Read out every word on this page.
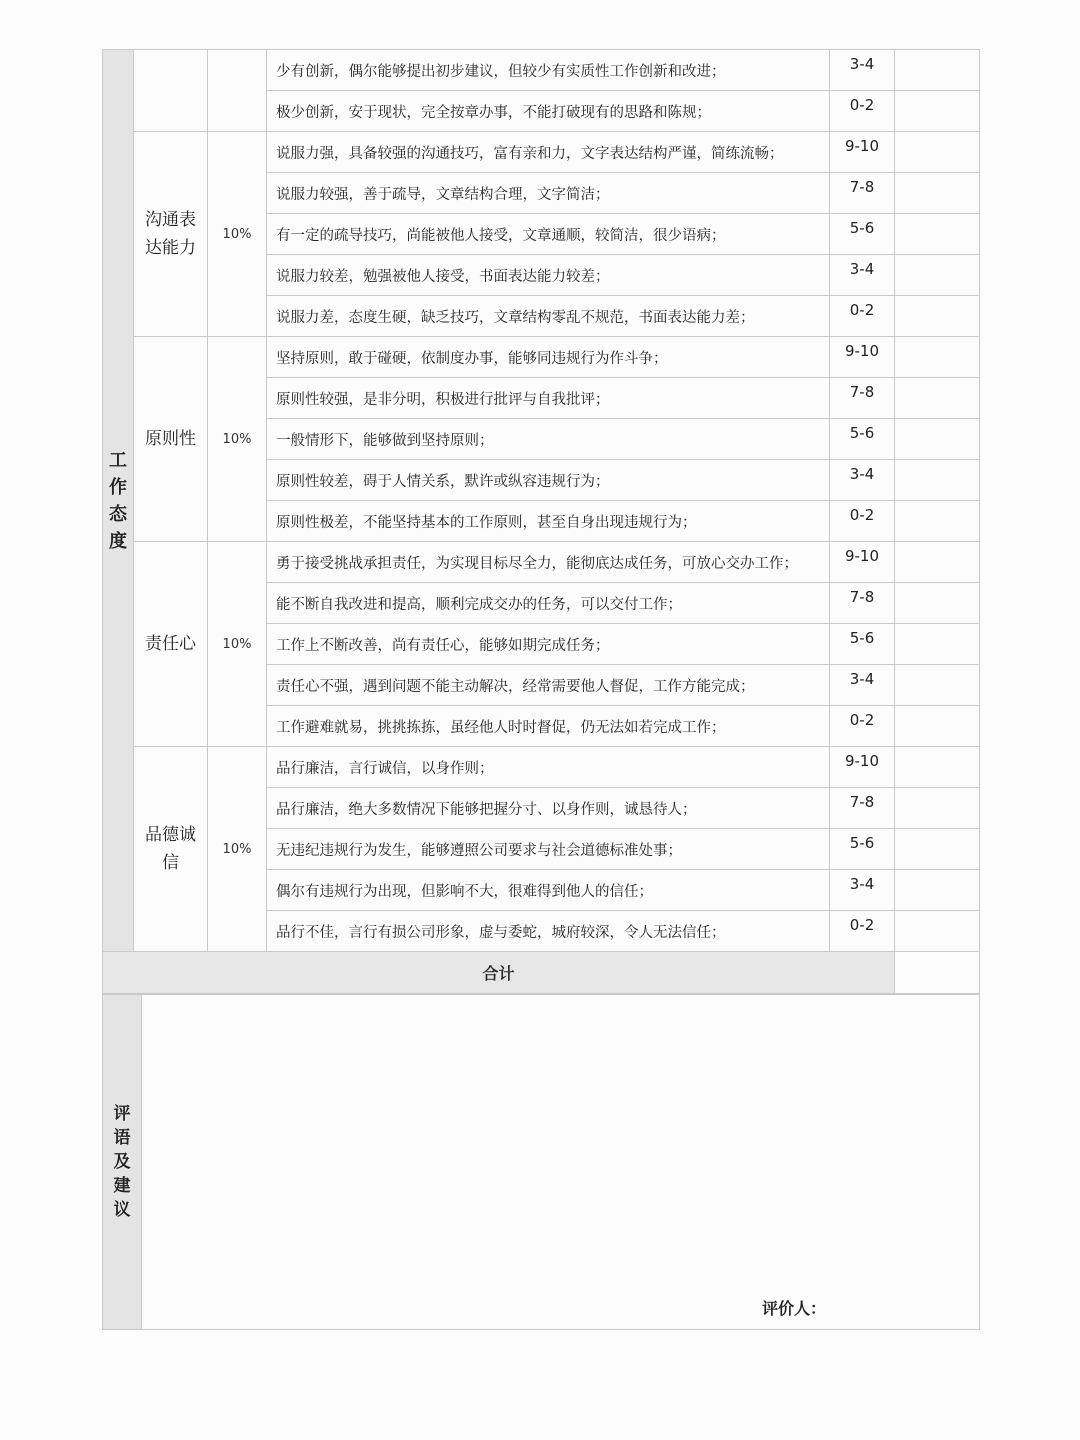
工作态度			少有创新，偶尔能够提出初步建议，但较少有实质性工作创新和改进；	3-4	
			极少创新，安于现状，完全按章办事，不能打破现有的思路和陈规；	0-2	
	沟通表达能力	10%	说服力强，具备较强的沟通技巧，富有亲和力，文字表达结构严谨，简练流畅；	9-10	
			说服力较强，善于疏导，文章结构合理，文字简洁；	7-8	
			有一定的疏导技巧，尚能被他人接受，文章通顺，较简洁，很少语病；	5-6	
			说服力较差，勉强被他人接受，书面表达能力较差；	3-4	
			说服力差，态度生硬，缺乏技巧，文章结构零乱不规范，书面表达能力差；	0-2	
	原则性	10%	坚持原则，敢于碰硬，依制度办事，能够同违规行为作斗争；	9-10	
			原则性较强，是非分明，积极进行批评与自我批评；	7-8	
			一般情形下，能够做到坚持原则；	5-6	
			原则性较差，碍于人情关系，默许或纵容违规行为；	3-4	
			原则性极差，不能坚持基本的工作原则，甚至自身出现违规行为；	0-2	
	责任心	10%	勇于接受挑战承担责任，为实现目标尽全力，能彻底达成任务，可放心交办工作；	9-10	
			能不断自我改进和提高，顺利完成交办的任务，可以交付工作；	7-8	
			工作上不断改善，尚有责任心，能够如期完成任务；	5-6	
			责任心不强，遇到问题不能主动解决，经常需要他人督促，工作方能完成；	3-4	
			工作避难就易，挑挑拣拣，虽经他人时时督促，仍无法如若完成工作；	0-2	
	品德诚信	10%	品行廉洁，言行诚信，以身作则；	9-10	
			品行廉洁，绝大多数情况下能够把握分寸、以身作则，诚恳待人；	7-8	
			无违纪违规行为发生，能够遵照公司要求与社会道德标准处事；	5-6	
			偶尔有违规行为出现，但影响不大，很难得到他人的信任；	3-4	
			品行不佳，言行有损公司形象，虚与委蛇，城府较深，令人无法信任；	0-2	
合计					
评语及建议	
评价人：
